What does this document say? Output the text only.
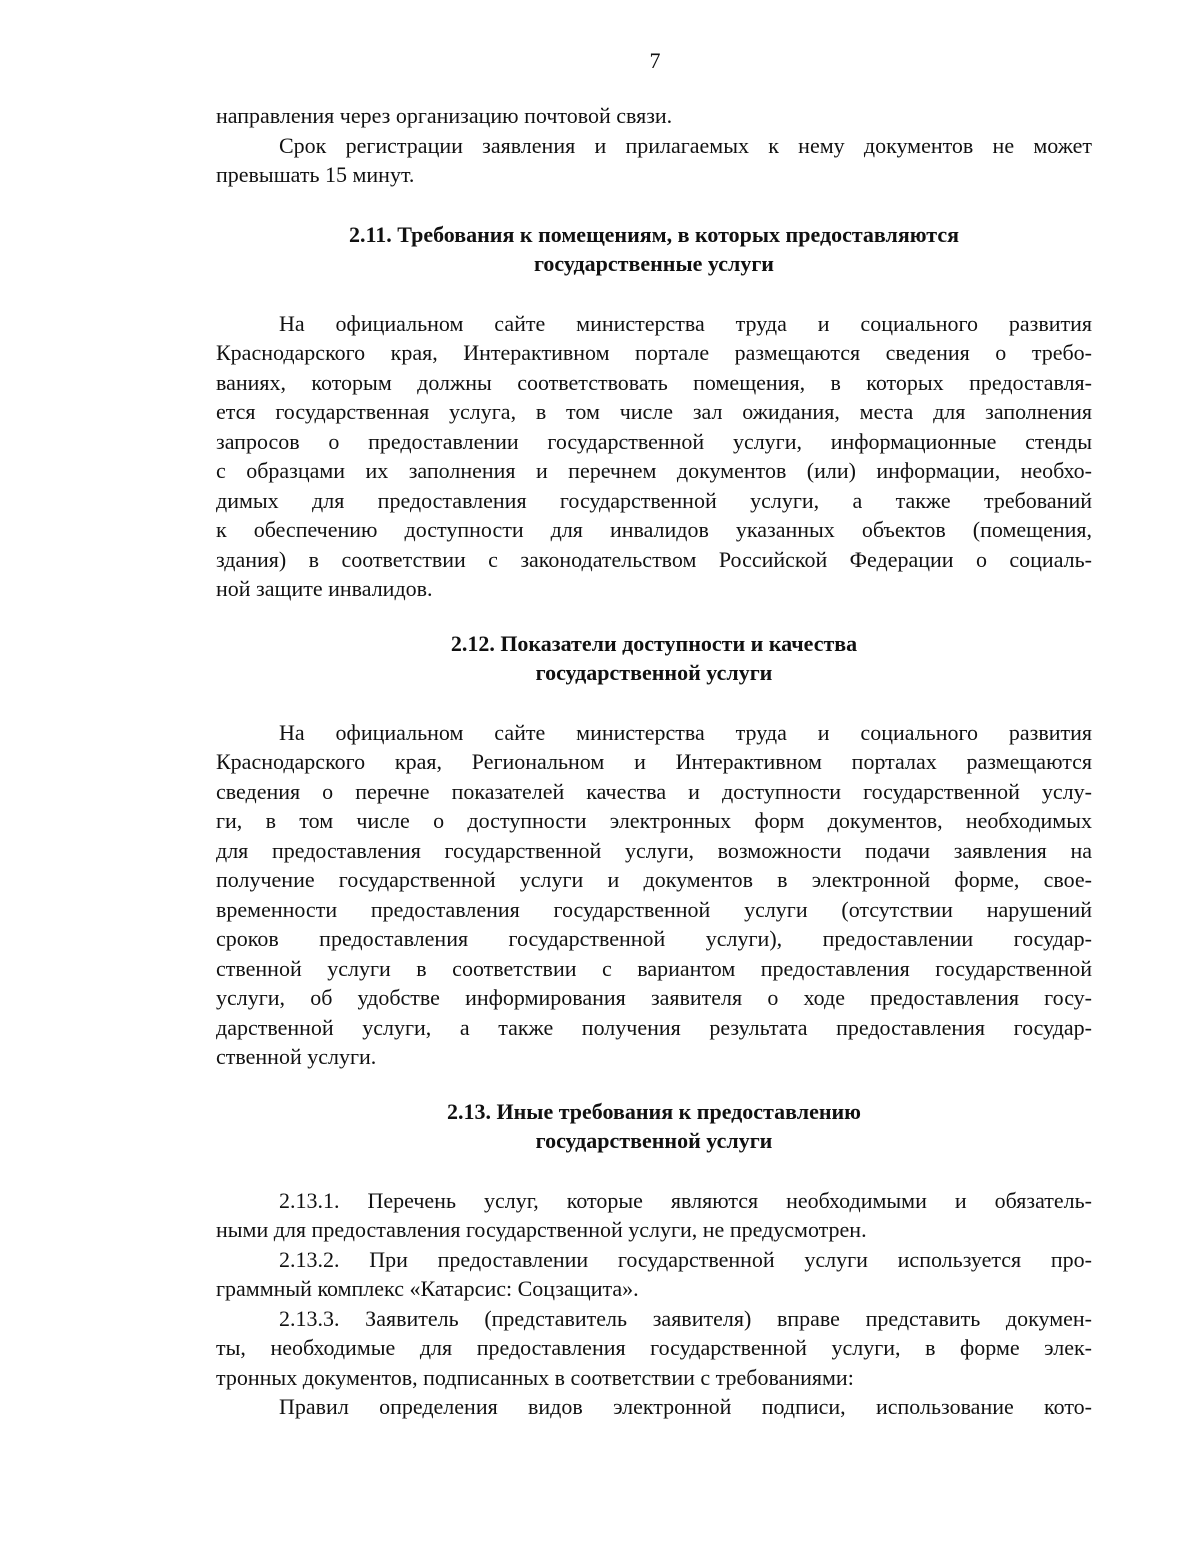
7
направления через организацию почтовой связи.
Срок регистрации заявления и прилагаемых к нему документов не может
превышать 15 минут.
2.11. Требования к помещениям, в которых предоставляются
государственные услуги
На официальном сайте министерства труда и социального развития
Краснодарского края, Интерактивном портале размещаются сведения о требо-
ваниях, которым должны соответствовать помещения, в которых предоставля-
ется государственная услуга, в том числе зал ожидания, места для заполнения
запросов о предоставлении государственной услуги, информационные стенды
с образцами их заполнения и перечнем документов (или) информации, необхо-
димых для предоставления государственной услуги, а также требований
к обеспечению доступности для инвалидов указанных объектов (помещения,
здания) в соответствии с законодательством Российской Федерации о социаль-
ной защите инвалидов.
2.12. Показатели доступности и качества
государственной услуги
На официальном сайте министерства труда и социального развития
Краснодарского края, Региональном и Интерактивном порталах размещаются
сведения о перечне показателей качества и доступности государственной услу-
ги, в том числе о доступности электронных форм документов, необходимых
для предоставления государственной услуги, возможности подачи заявления на
получение государственной услуги и документов в электронной форме, свое-
временности предоставления государственной услуги (отсутствии нарушений
сроков предоставления государственной услуги), предоставлении государ-
ственной услуги в соответствии с вариантом предоставления государственной
услуги, об удобстве информирования заявителя о ходе предоставления госу-
дарственной услуги, а также получения результата предоставления государ-
ственной услуги.
2.13. Иные требования к предоставлению
государственной услуги
2.13.1. Перечень услуг, которые являются необходимыми и обязатель-
ными для предоставления государственной услуги, не предусмотрен.
2.13.2. При предоставлении государственной услуги используется про-
граммный комплекс «Катарсис: Соцзащита».
2.13.3. Заявитель (представитель заявителя) вправе представить докумен-
ты, необходимые для предоставления государственной услуги, в форме элек-
тронных документов, подписанных в соответствии с требованиями:
Правил определения видов электронной подписи, использование кото-
